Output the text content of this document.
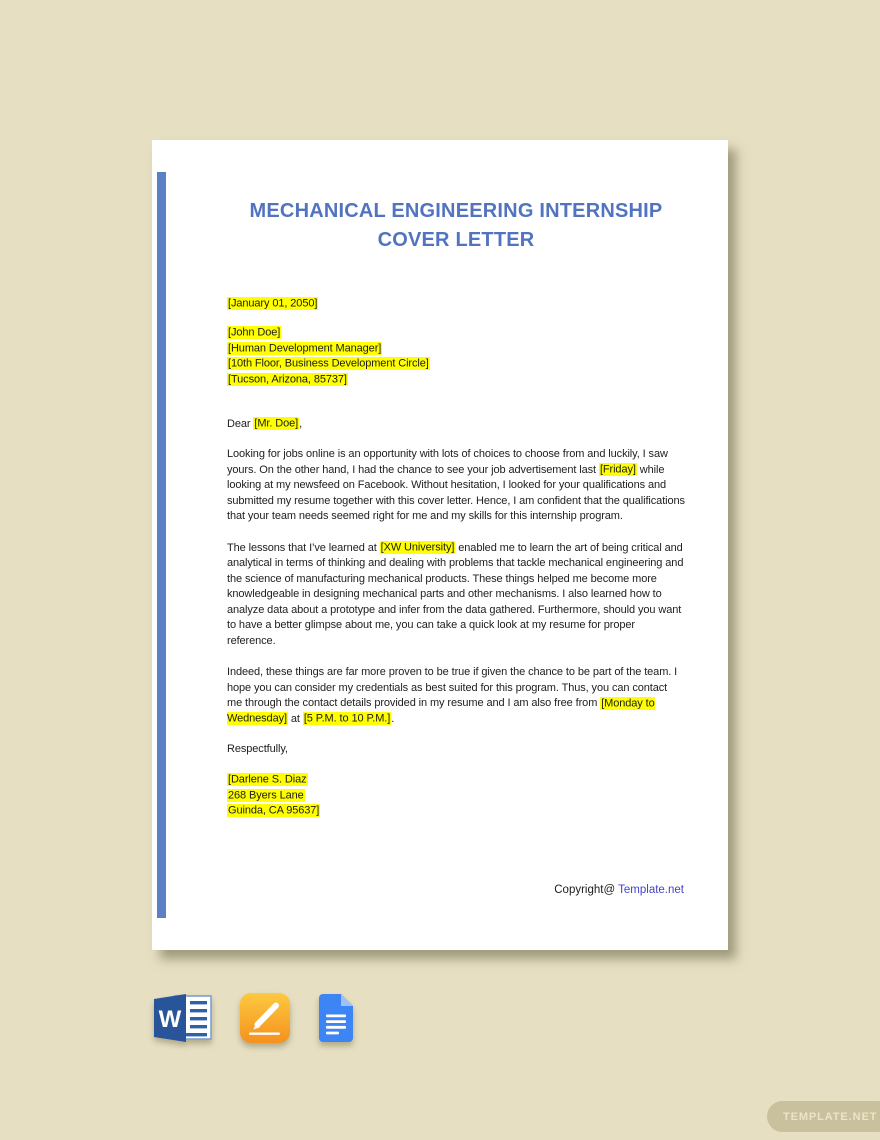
MECHANICAL ENGINEERING INTERNSHIP
COVER LETTER
[January 01, 2050]
[John Doe]
[Human Development Manager]
[10th Floor, Business Development Circle]
[Tucson, Arizona, 85737]
Dear [Mr. Doe],

Looking for jobs online is an opportunity with lots of choices to choose from and luckily, I saw yours. On the other hand, I had the chance to see your job advertisement last [Friday] while looking at my newsfeed on Facebook. Without hesitation, I looked for your qualifications and submitted my resume together with this cover letter. Hence, I am confident that the qualifications that your team needs seemed right for me and my skills for this internship program.

The lessons that I’ve learned at [XW University] enabled me to learn the art of being critical and analytical in terms of thinking and dealing with problems that tackle mechanical engineering and the science of manufacturing mechanical products. These things helped me become more knowledgeable in designing mechanical parts and other mechanisms. I also learned how to analyze data about a prototype and infer from the data gathered. Furthermore, should you want to have a better glimpse about me, you can take a quick look at my resume for proper reference.

Indeed, these things are far more proven to be true if given the chance to be part of the team. I hope you can consider my credentials as best suited for this program. Thus, you can contact me through the contact details provided in my resume and I am also free from [Monday to Wednesday] at [5 P.M. to 10 P.M.].

Respectfully,
[Darlene S. Diaz
268 Byers Lane
Guinda, CA 95637]
Copyright@ Template.net
W
TEMPLATE.NET
